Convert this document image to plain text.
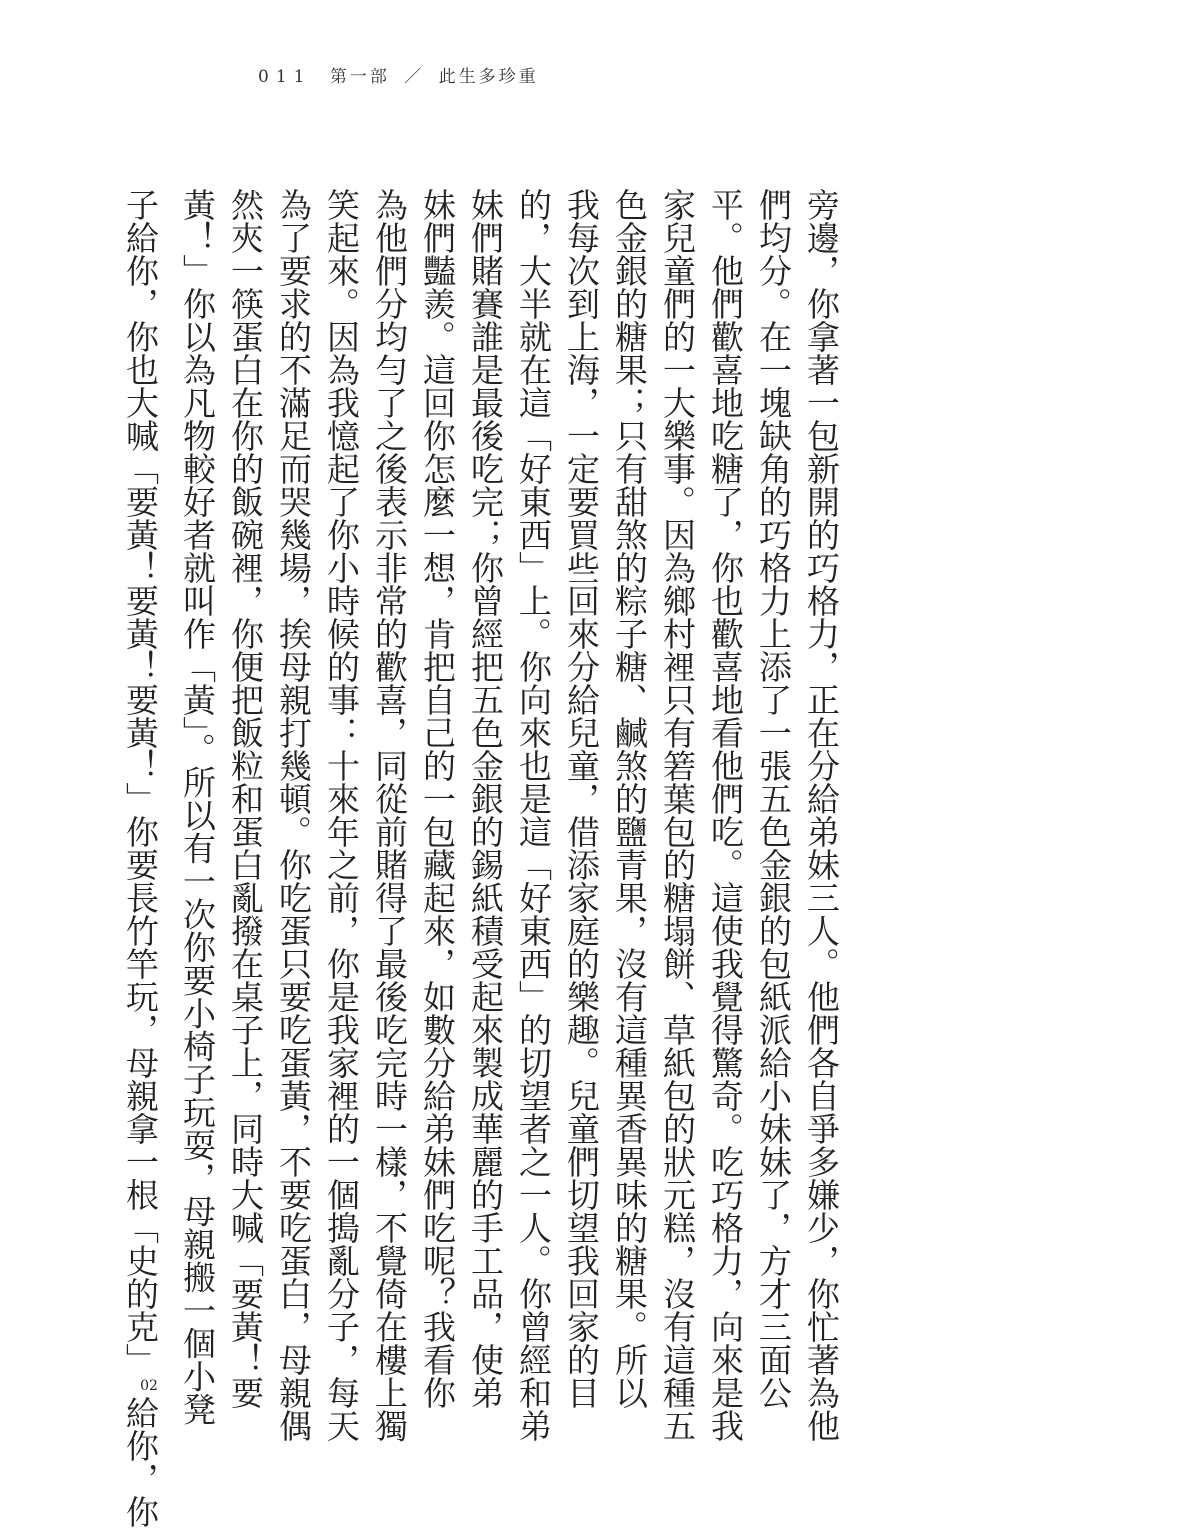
011 第一部 ／ 此生多珍重
旁邊，你拿著一包新開的巧格力，正在分給弟妹三人。他們各自爭多嫌少，你忙著為他
們均分。在一塊缺角的巧格力上添了一張五色金銀的包紙派給小妹妹了，方才三面公
平。他們歡喜地吃糖了，你也歡喜地看他們吃。這使我覺得驚奇。吃巧格力，向來是我
家兒童們的一大樂事。因為鄉村裡只有箬葉包的糖塌餅、草紙包的狀元糕，沒有這種五
色金銀的糖果；只有甜煞的粽子糖、鹹煞的鹽青果，沒有這種異香異味的糖果。所以
我每次到上海，一定要買些回來分給兒童，借添家庭的樂趣。兒童們切望我回家的目
的，大半就在這「好東西」上。你向來也是這「好東西」的切望者之一人。你曾經和弟
妹們賭賽誰是最後吃完；你曾經把五色金銀的錫紙積受起來製成華麗的手工品，使弟
妹們豔羨。這回你怎麼一想，肯把自己的一包藏起來，如數分給弟妹們吃呢？我看你
為他們分均勻了之後表示非常的歡喜，同從前賭得了最後吃完時一樣，不覺倚在樓上獨
笑起來。因為我憶起了你小時候的事：十來年之前，你是我家裡的一個搗亂分子，每天
為了要求的不滿足而哭幾場，挨母親打幾頓。你吃蛋只要吃蛋黃，不要吃蛋白，母親偶
然夾一筷蛋白在你的飯碗裡，你便把飯粒和蛋白亂撥在桌子上，同時大喊「要黃！要
黃！」你以為凡物較好者就叫作「黃」。所以有一次你要小椅子玩耍，母親搬一個小凳
子給你，你也大喊「要黃！要黃！要黃！」你要長竹竿玩，母親拿一根「史的克」02給你，你
